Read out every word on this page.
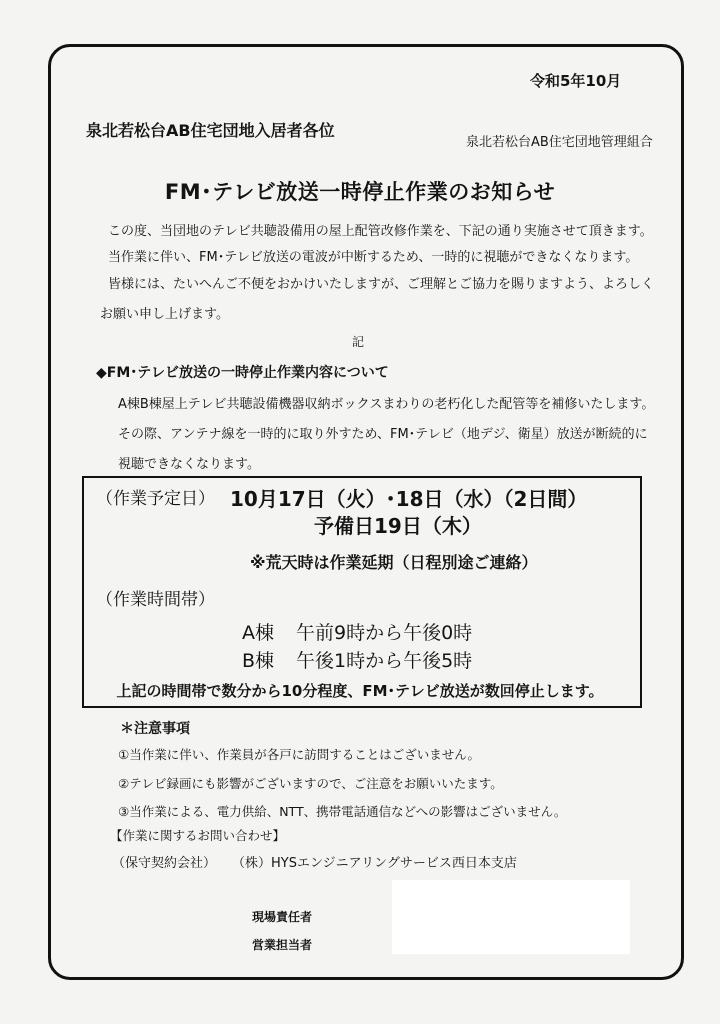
令和5年10月
泉北若松台AB住宅団地入居者各位
泉北若松台AB住宅団地管理組合
FM･テレビ放送一時停止作業のお知らせ
この度、当団地のテレビ共聴設備用の屋上配管改修作業を、下記の通り実施させて頂きます。
当作業に伴い、FM･テレビ放送の電波が中断するため、一時的に視聴ができなくなります。
皆様には、たいへんご不便をおかけいたしますが、ご理解とご協力を賜りますよう、よろしく
お願い申し上げます。
記
◆FM･テレビ放送の一時停止作業内容について
A棟B棟屋上テレビ共聴設備機器収納ボックスまわりの老朽化した配管等を補修いたします。
その際、アンテナ線を一時的に取り外すため、FM･テレビ（地デジ、衛星）放送が断続的に
視聴できなくなります。
（作業予定日） 10月17日（火）･18日（水）（2日間）
予備日19日（木）
※荒天時は作業延期（日程別途ご連絡）
（作業時間帯）
A棟 午前9時から午後0時
B棟 午後1時から午後5時
上記の時間帯で数分から10分程度、FM･テレビ放送が数回停止します。
＊注意事項
①当作業に伴い、作業員が各戸に訪問することはございません。
②テレビ録画にも影響がございますので、ご注意をお願いいたます。
③当作業による、電力供給、NTT、携帯電話通信などへの影響はございません。
【作業に関するお問い合わせ】
（保守契約会社） （株）HYSエンジニアリングサービス西日本支店
現場責任者
営業担当者
